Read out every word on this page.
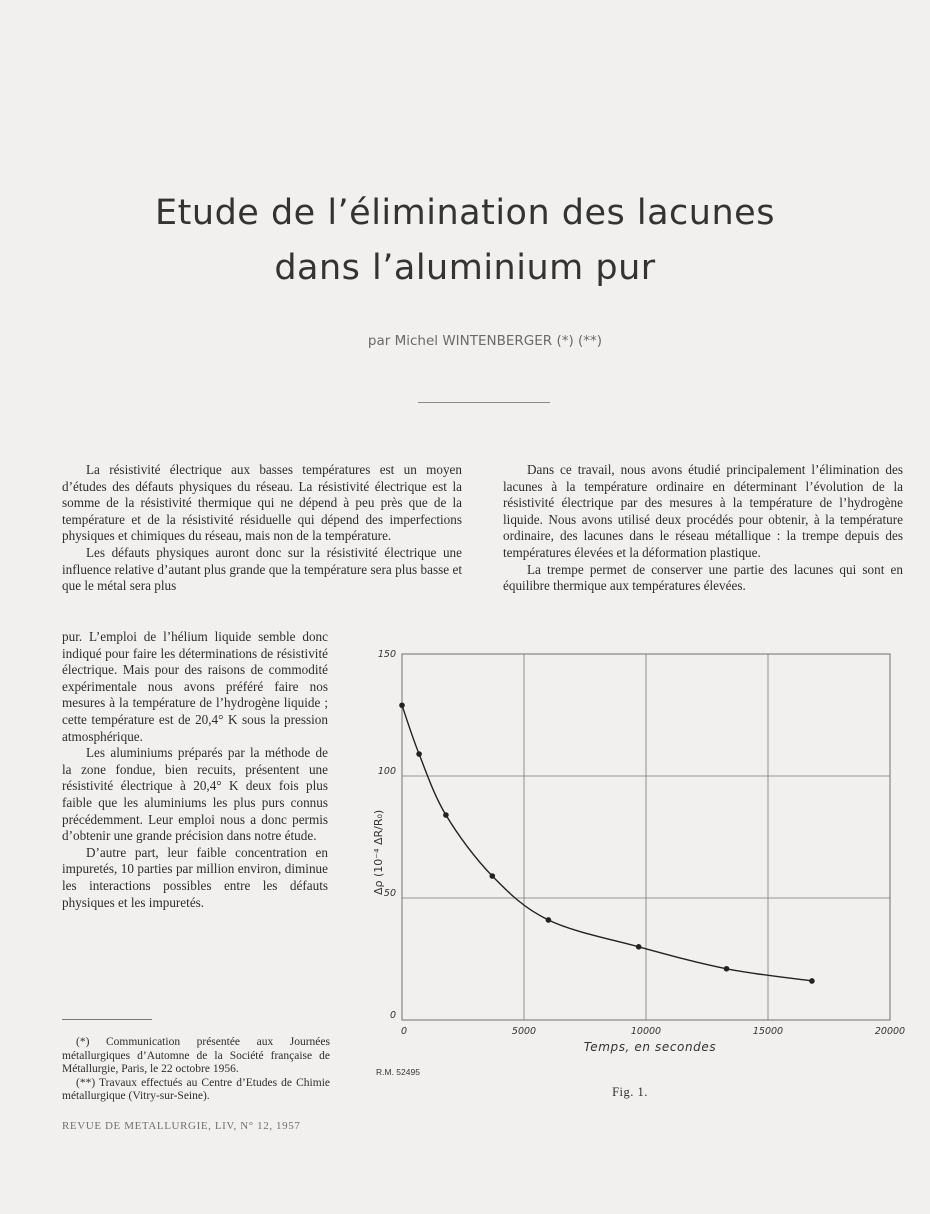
Etude de l’élimination des lacunes
dans l’aluminium pur
par Michel WINTENBERGER (*) (**)

La résistivité électrique aux basses températures est un moyen d’études des défauts physiques du réseau. La résistivité électrique est la somme de la résistivité thermique qui ne dépend à peu près que de la température et de la résistivité résiduelle qui dépend des imperfections physiques et chimiques du réseau, mais non de la température.

Les défauts physiques auront donc sur la résistivité électrique une influence relative d’autant plus grande que la température sera plus basse et que le métal sera plus

pur. L’emploi de l’hélium liquide semble donc indiqué pour faire les déterminations de résistivité électrique. Mais pour des raisons de commodité expérimentale nous avons préféré faire nos mesures à la température de l’hydrogène liquide ; cette température est de 20,4° K sous la pression atmosphérique.

Les aluminiums préparés par la méthode de la zone fondue, bien recuits, présentent une résistivité électrique à 20,4° K deux fois plus faible que les aluminiums les plus purs connus précédemment. Leur emploi nous a donc permis d’obtenir une grande précision dans notre étude.

D’autre part, leur faible concentration en impuretés, 10 parties par million environ, diminue les interactions possibles entre les défauts physiques et les impuretés.

Dans ce travail, nous avons étudié principalement l’élimination des lacunes à la température ordinaire en déterminant l’évolution de la résistivité électrique par des mesures à la température de l’hydrogène liquide. Nous avons utilisé deux procédés pour obtenir, à la température ordinaire, des lacunes dans le réseau métallique : la trempe depuis des températures élevées et la déformation plastique.

La trempe permet de conserver une partie des lacunes qui sont en équilibre thermique aux températures élevées.

0
50
100
150
0	5000	10000	15000	20000
Temps, en secondes
Δρ
(10⁻⁴ ΔR/R₀)
R.M. 52495
Fig. 1.

(*) Communication présentée aux Journées métallurgiques d’Automne de la Société française de Métallurgie, Paris, le 22 octobre 1956.

(**) Travaux effectués au Centre d’Etudes de Chimie métallurgique (Vitry-sur-Seine).

REVUE DE METALLURGIE, LIV, N° 12, 1957
